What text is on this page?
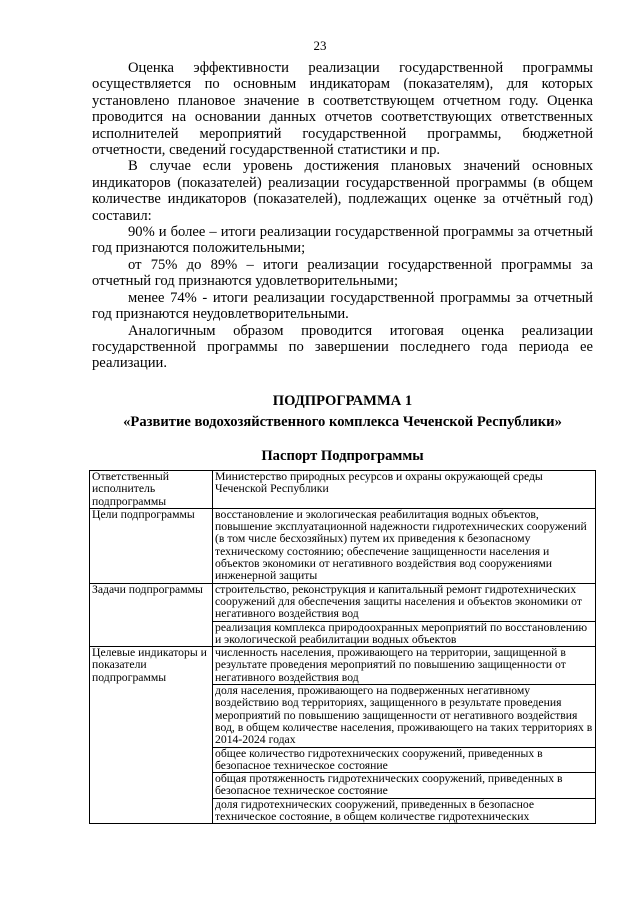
23

Оценка эффективности реализации государственной программы осуществляется по основным индикаторам (показателям), для которых установлено плановое значение в соответствующем отчетном году. Оценка проводится на основании данных отчетов соответствующих ответственных исполнителей мероприятий государственной программы, бюджетной отчетности, сведений государственной статистики и пр.

В случае если уровень достижения плановых значений основных индикаторов (показателей) реализации государственной программы (в общем количестве индикаторов (показателей), подлежащих оценке за отчётный год) составил:

90% и более – итоги реализации государственной программы за отчетный год признаются положительными;

от 75% до 89% – итоги реализации государственной программы за отчетный год признаются удовлетворительными;

менее 74% - итоги реализации государственной программы за отчетный год признаются неудовлетворительными.

Аналогичным образом проводится итоговая оценка реализации государственной программы по завершении последнего года периода ее реализации.

ПОДПРОГРАММА 1
«Развитие водохозяйственного комплекса Чеченской Республики»
Паспорт Подпрограммы
Ответственный исполнитель подпрограммы	Министерство природных ресурсов и охраны окружающей среды Чеченской Республики
Цели подпрограммы	восстановление и экологическая реабилитация водных объектов, повышение эксплуатационной надежности гидротехнических сооружений (в том числе бесхозяйных) путем их приведения к безопасному техническому состоянию; обеспечение защищенности населения и объектов экономики от негативного воздействия вод сооружениями инженерной защиты
Задачи подпрограммы	строительство, реконструкция и капитальный ремонт гидротехнических сооружений для обеспечения защиты населения и объектов экономики от негативного воздействия вод
	реализация комплекса природоохранных мероприятий по восстановлению и экологической реабилитации водных объектов
Целевые индикаторы и показатели подпрограммы	численность населения, проживающего на территории, защищенной в результате проведения мероприятий по повышению защищенности от негативного воздействия вод
	доля населения, проживающего на подверженных негативному воздействию вод территориях, защищенного в результате проведения мероприятий по повышению защищенности от негативного воздействия вод, в общем количестве населения, проживающего на таких территориях в 2014-2024 годах
	общее количество гидротехнических сооружений, приведенных в безопасное техническое состояние
	общая протяженность гидротехнических сооружений, приведенных в безопасное техническое состояние
	доля гидротехнических сооружений, приведенных в безопасное техническое состояние, в общем количестве гидротехнических
